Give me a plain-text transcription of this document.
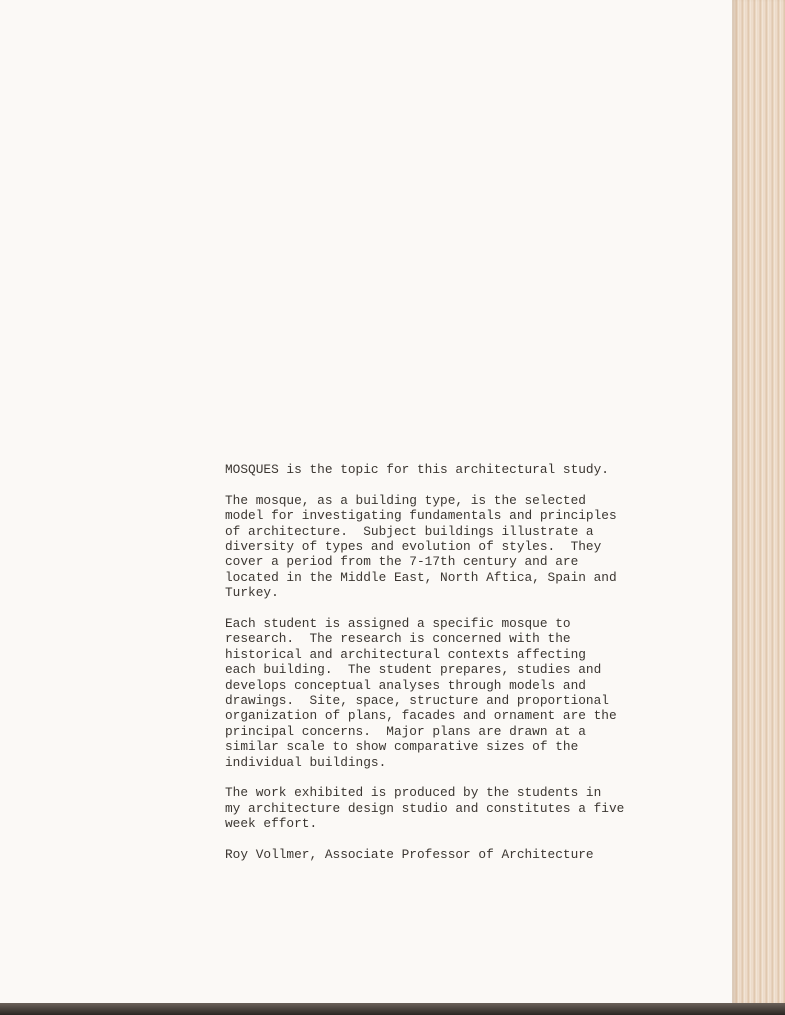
MOSQUES is the topic for this architectural study.

The mosque, as a building type, is the selected
model for investigating fundamentals and principles
of architecture.  Subject buildings illustrate a
diversity of types and evolution of styles.  They
cover a period from the 7-17th century and are
located in the Middle East, North Aftica, Spain and
Turkey.

Each student is assigned a specific mosque to
research.  The research is concerned with the
historical and architectural contexts affecting
each building.  The student prepares, studies and
develops conceptual analyses through models and
drawings.  Site, space, structure and proportional
organization of plans, facades and ornament are the
principal concerns.  Major plans are drawn at a
similar scale to show comparative sizes of the
individual buildings.

The work exhibited is produced by the students in
my architecture design studio and constitutes a five
week effort.

Roy Vollmer, Associate Professor of Architecture
